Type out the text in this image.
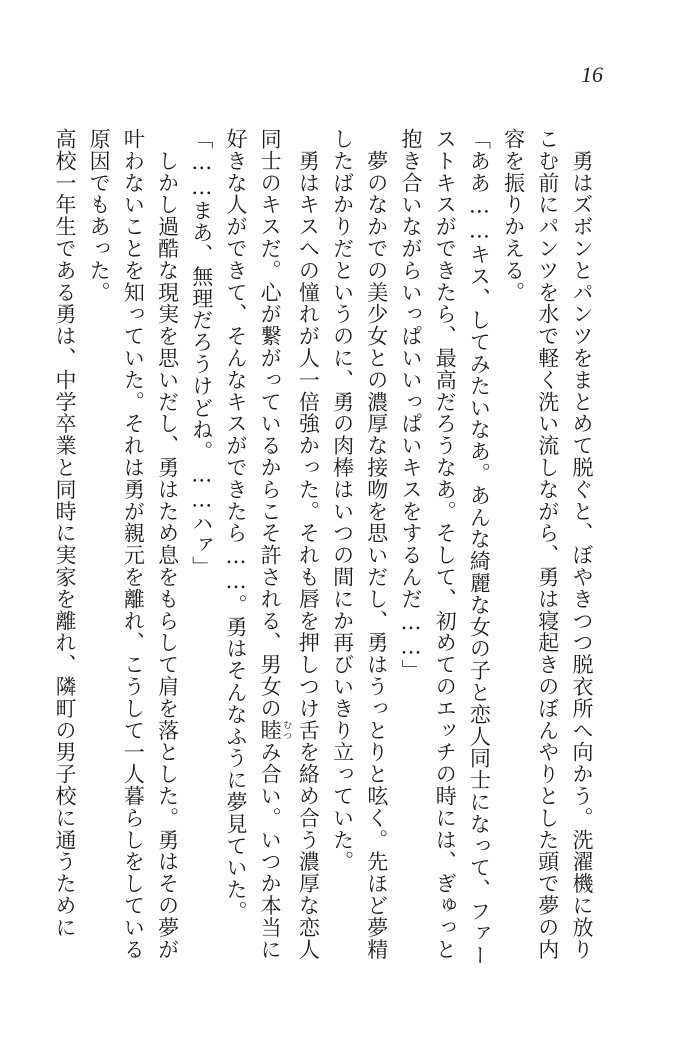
16
　勇はズボンとパンツをまとめて脱ぐと、ぼやきつつ脱衣所へ向かう。洗濯機に放り
こむ前にパンツを水で軽く洗い流しながら、勇は寝起きのぼんやりとした頭で夢の内
容を振りかえる。
「ああ……キス、してみたいなあ。あんな綺麗な女の子と恋人同士になって、ファー
ストキスができたら、最高だろうなあ。そして、初めてのエッチの時には、ぎゅっと
抱き合いながらいっぱいいっぱいキスをするんだ……」
　夢のなかでの美少女との濃厚な接吻を思いだし、勇はうっとりと呟く。先ほど夢精
したばかりだというのに、勇の肉棒はいつの間にか再びいきり立っていた。
　勇はキスへの憧れが人一倍強かった。それも唇を押しつけ舌を絡め合う濃厚な恋人
同士のキスだ。心が繋がっているからこそ許される、男女の睦 むつみ合い。いつか本当に
好きな人ができて、そんなキスができたら……。勇はそんなふうに夢見ていた。
「……まあ、無理だろうけどね。……ハァ」
　しかし過酷な現実を思いだし、勇はため息をもらして肩を落とした。勇はその夢が
叶わないことを知っていた。それは勇が親元を離れ、こうして一人暮らしをしている
原因でもあった。
高校一年生である勇は、中学卒業と同時に実家を離れ、隣町の男子校に通うために
